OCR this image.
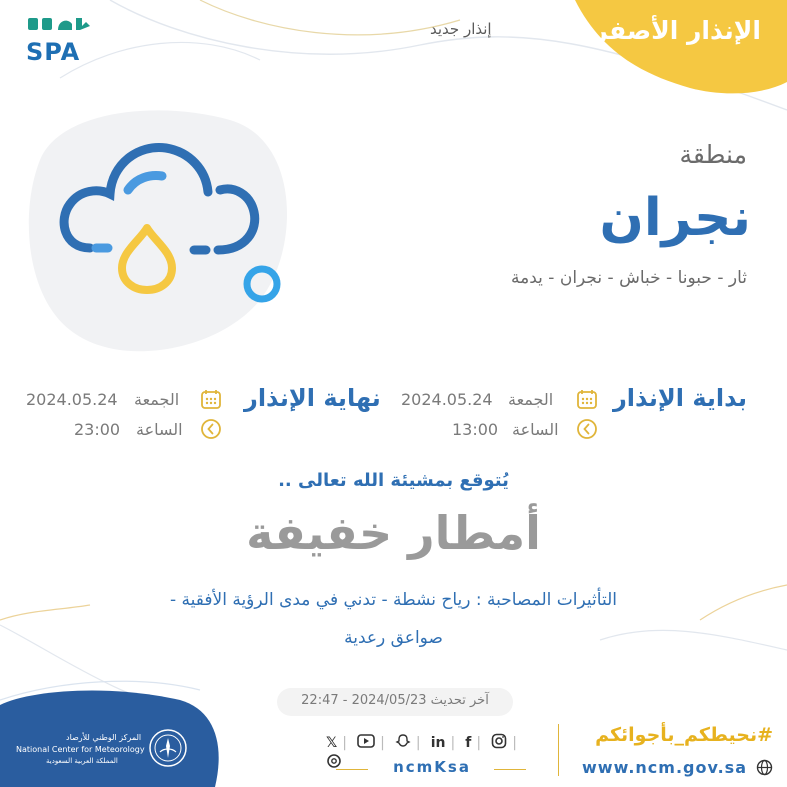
الإنذار الأصفر
إنذار جديد
SPA
منطقة
نجران
ثار - حبونا - خباش - نجران - يدمة
بداية الإنذار
الجمعة
2024.05.24
الساعة
13:00
نهاية الإنذار
الجمعة
2024.05.24
الساعة
23:00
يُتوقع بمشيئة الله تعالى ..
أمطار خفيفة
التأثيرات المصاحبة : رياح نشطة - تدني في مدى الرؤية الأفقية -
صواعق رعدية
آخر تحديث 2024/05/23 - 22:47
المركز الوطني للأرصاد
National Center for Meteorology
المملكة العربية السعودية
𝕏 | | | in | f | |
ncmKsa
#نحيطكم_بأجوائكم
www.ncm.gov.sa
